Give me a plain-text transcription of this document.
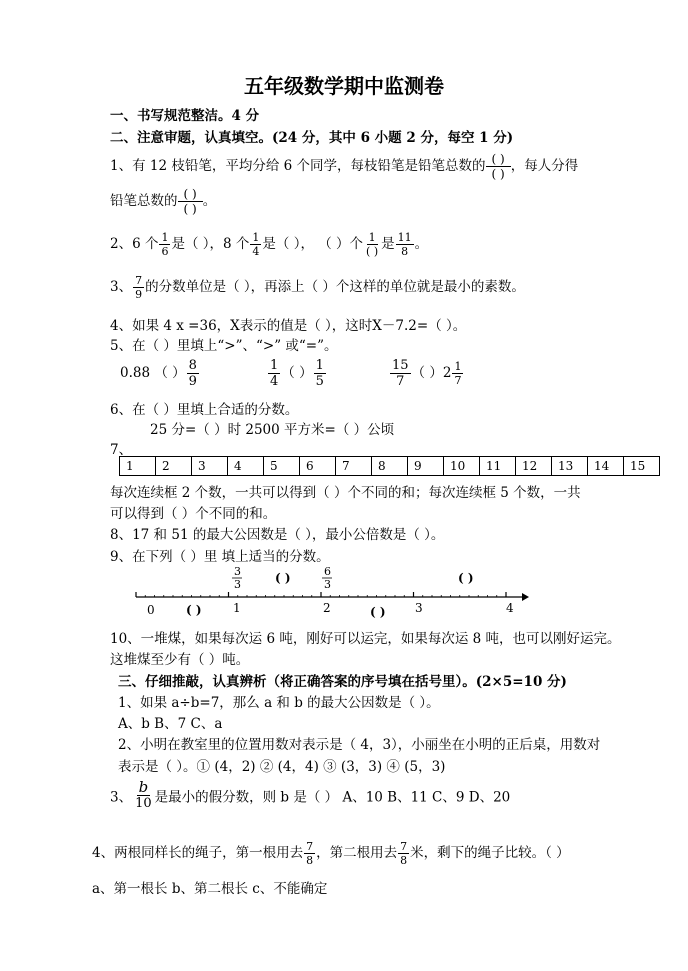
五年级数学期中监测卷
一、书写规范整洁。4 分
二、注意审题，认真填空。(24 分，其中 6 小题 2 分，每空 1 分)
1、有 12 枝铅笔，平均分给 6 个同学，每枝铅笔是铅笔总数的 ( )
( ) ，每人分得
铅笔总数的 ( )
( ) 。
2、6 个 $\frac{1}{6}$ 是（ ），8 个 $\frac{1}{4}$ 是（ ）， （ ）个 $\frac{1}{( )}$ 是 $\frac{11}{8}$ 。
3、 $\frac{7}{9}$ 的分数单位是（ ），再添上（ ）个这样的单位就是最小的素数。
4、如果 4 x =36，X表示的值是（ ），这时X－7.2=（ ）。
5、在（ ）里填上“>”、“>” 或“=”。
0.88 （ ） $\frac{8}{9}$	$\frac{1}{4}$ （ ） $\frac{1}{5}$	$\frac{15}{7}$ （ ）$2 \frac{1}{7}$
6、在（ ）里填上合适的分数。
25 分=（ ）时 2500 平方米=（ ）公顷
7、
1	2	3	4	5	6	7	8	9	10	11	12	13	14	15
每次连续框 2 个数，一共可以得到（ ）个不同的和；每次连续框 5 个数，一共
可以得到（ ）个不同的和。
8、17 和 51 的最大公因数是（ ），最小公倍数是（ ）。
9、在下列（ ）里 填上适当的分数。
0	1	2	3	4
3
3
6
3
( )	( )
( )	( )
10、一堆煤，如果每次运 6 吨，刚好可以运完，如果每次运 8 吨，也可以刚好运完。
这堆煤至少有（ ）吨。
三、仔细推敲，认真辨析（将正确答案的序号填在括号里）。(2×5=10 分)
1、如果 a÷b=7，那么 a 和 b 的最大公因数是（ ）。
A、b B、7 C、a
2、小明在教室里的位置用数对表示是（ 4，3），小丽坐在小明的正后桌，用数对
表示是（ ）。① (4，2) ② (4，4) ③ (3，3) ④ (5，3)
3、 $\frac{b}{10}$ 是最小的假分数，则 b 是（ ） A、10 B、11 C、9 D、20
4、两根同样长的绳子，第一根用去 $\frac{7}{8}$ ，第二根用去 $\frac{7}{8}$ 米，剩下的绳子比较。（ ）
a、第一根长 b、第二根长 c、不能确定
